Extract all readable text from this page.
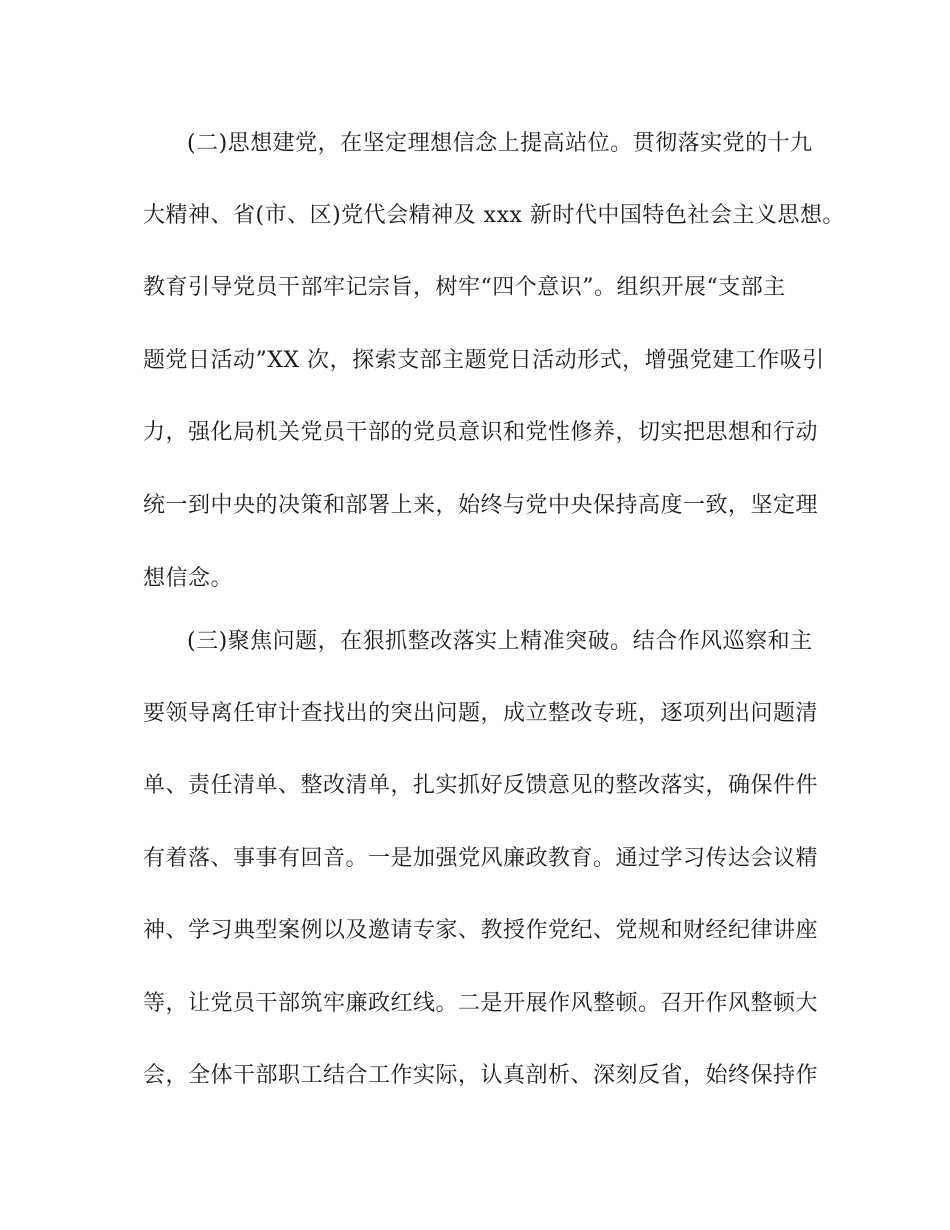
(二)思想建党，在坚定理想信念上提高站位。贯彻落实党的十九
大精神、省(市、区)党代会精神及 xxx 新时代中国特色社会主义思想。
教育引导党员干部牢记宗旨，树牢“四个意识”。组织开展“支部主
题党日活动”XX 次，探索支部主题党日活动形式，增强党建工作吸引
力，强化局机关党员干部的党员意识和党性修养，切实把思想和行动
统一到中央的决策和部署上来，始终与党中央保持高度一致，坚定理
想信念。
(三)聚焦问题，在狠抓整改落实上精准突破。结合作风巡察和主
要领导离任审计查找出的突出问题，成立整改专班，逐项列出问题清
单、责任清单、整改清单，扎实抓好反馈意见的整改落实，确保件件
有着落、事事有回音。一是加强党风廉政教育。通过学习传达会议精
神、学习典型案例以及邀请专家、教授作党纪、党规和财经纪律讲座
等，让党员干部筑牢廉政红线。二是开展作风整顿。召开作风整顿大
会，全体干部职工结合工作实际，认真剖析、深刻反省，始终保持作
